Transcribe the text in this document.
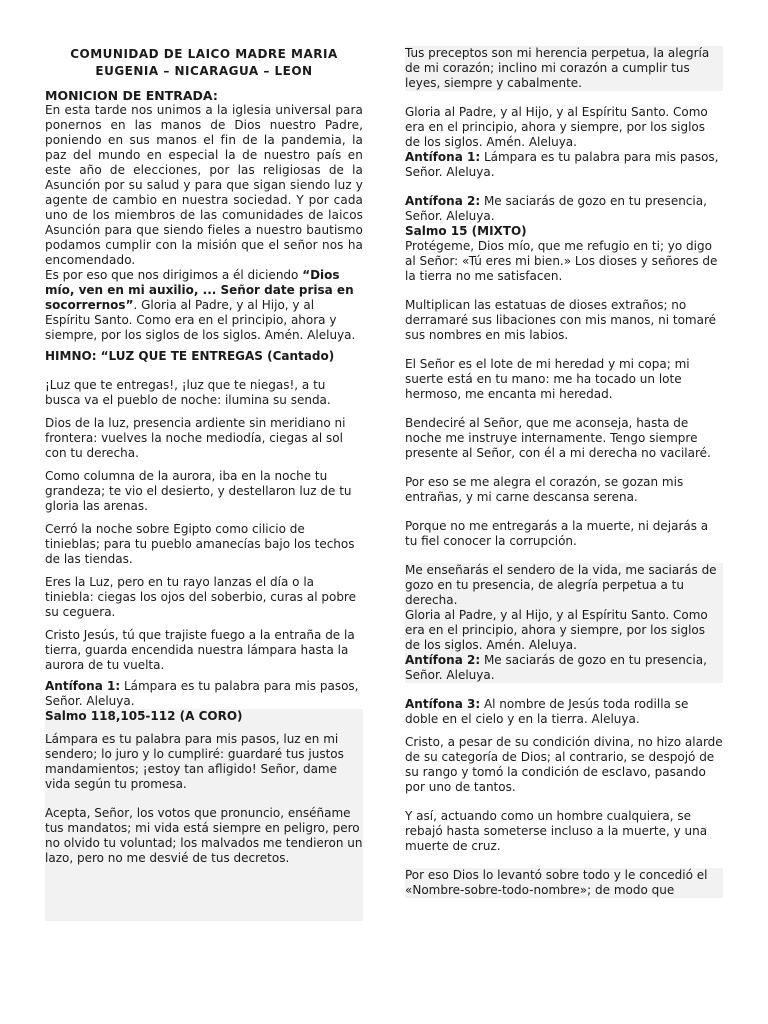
COMUNIDAD DE LAICO MADRE MARIA

EUGENIA – NICARAGUA – LEON

MONICION DE ENTRADA:

En esta tarde nos unimos a la iglesia universal para ponernos en las manos de Dios nuestro Padre, poniendo en sus manos el fin de la pandemia, la paz del mundo en especial la de nuestro país en este año de elecciones, por las religiosas de la Asunción por su salud y para que sigan siendo luz y agente de cambio en nuestra sociedad. Y por cada uno de los miembros de las comunidades de laicos Asunción para que siendo fieles a nuestro bautismo podamos cumplir con la misión que el señor nos ha encomendado.

Es por eso que nos dirigimos a él diciendo “Dios mío, ven en mi auxilio, ... Señor date prisa en socorrernos”. Gloria al Padre, y al Hijo, y al Espíritu Santo. Como era en el principio, ahora y siempre, por los siglos de los siglos. Amén. Aleluya.

HIMNO: “LUZ QUE TE ENTREGAS (Cantado)

¡Luz que te entregas!, ¡luz que te niegas!, a tu busca va el pueblo de noche: ilumina su senda.

Dios de la luz, presencia ardiente sin meridiano ni frontera: vuelves la noche mediodía, ciegas al sol con tu derecha.

Como columna de la aurora, iba en la noche tu grandeza; te vio el desierto, y destellaron luz de tu gloria las arenas.

Cerró la noche sobre Egipto como cilicio de tinieblas; para tu pueblo amanecías bajo los techos de las tiendas.

Eres la Luz, pero en tu rayo lanzas el día o la tiniebla: ciegas los ojos del soberbio, curas al pobre su ceguera.

Cristo Jesús, tú que trajiste fuego a la entraña de la tierra, guarda encendida nuestra lámpara hasta la aurora de tu vuelta.

Antífona 1: Lámpara es tu palabra para mis pasos, Señor. Aleluya.

Salmo 118,105-112 (A CORO)

Lámpara es tu palabra para mis pasos, luz en mi sendero; lo juro y lo cumpliré: guardaré tus justos mandamientos; ¡estoy tan afligido! Señor, dame vida según tu promesa.

Acepta, Señor, los votos que pronuncio, enséñame tus mandatos; mi vida está siempre en peligro, pero no olvido tu voluntad; los malvados me tendieron un lazo, pero no me desvié de tus decretos.

Tus preceptos son mi herencia perpetua, la alegría de mi corazón; inclino mi corazón a cumplir tus leyes, siempre y cabalmente.

Gloria al Padre, y al Hijo, y al Espíritu Santo. Como era en el principio, ahora y siempre, por los siglos de los siglos. Amén. Aleluya.

Antífona 1: Lámpara es tu palabra para mis pasos, Señor. Aleluya.

Antífona 2: Me saciarás de gozo en tu presencia, Señor. Aleluya.

Salmo 15 (MIXTO)

Protégeme, Dios mío, que me refugio en ti; yo digo al Señor: «Tú eres mi bien.» Los dioses y señores de la tierra no me satisfacen.

Multiplican las estatuas de dioses extraños; no derramaré sus libaciones con mis manos, ni tomaré sus nombres en mis labios.

El Señor es el lote de mi heredad y mi copa; mi suerte está en tu mano: me ha tocado un lote hermoso, me encanta mi heredad.

Bendeciré al Señor, que me aconseja, hasta de noche me instruye internamente. Tengo siempre presente al Señor, con él a mi derecha no vacilaré.

Por eso se me alegra el corazón, se gozan mis entrañas, y mi carne descansa serena.

Porque no me entregarás a la muerte, ni dejarás a tu fiel conocer la corrupción.

Me enseñarás el sendero de la vida, me saciarás de gozo en tu presencia, de alegría perpetua a tu derecha.

Gloria al Padre, y al Hijo, y al Espíritu Santo. Como era en el principio, ahora y siempre, por los siglos de los siglos. Amén. Aleluya.

Antífona 2: Me saciarás de gozo en tu presencia, Señor. Aleluya.

Antífona 3: Al nombre de Jesús toda rodilla se doble en el cielo y en la tierra. Aleluya.

Cristo, a pesar de su condición divina, no hizo alarde de su categoría de Dios; al contrario, se despojó de su rango y tomó la condición de esclavo, pasando por uno de tantos.

Y así, actuando como un hombre cualquiera, se rebajó hasta someterse incluso a la muerte, y una muerte de cruz.

Por eso Dios lo levantó sobre todo y le concedió el «Nombre-sobre-todo-nombre»; de modo que
